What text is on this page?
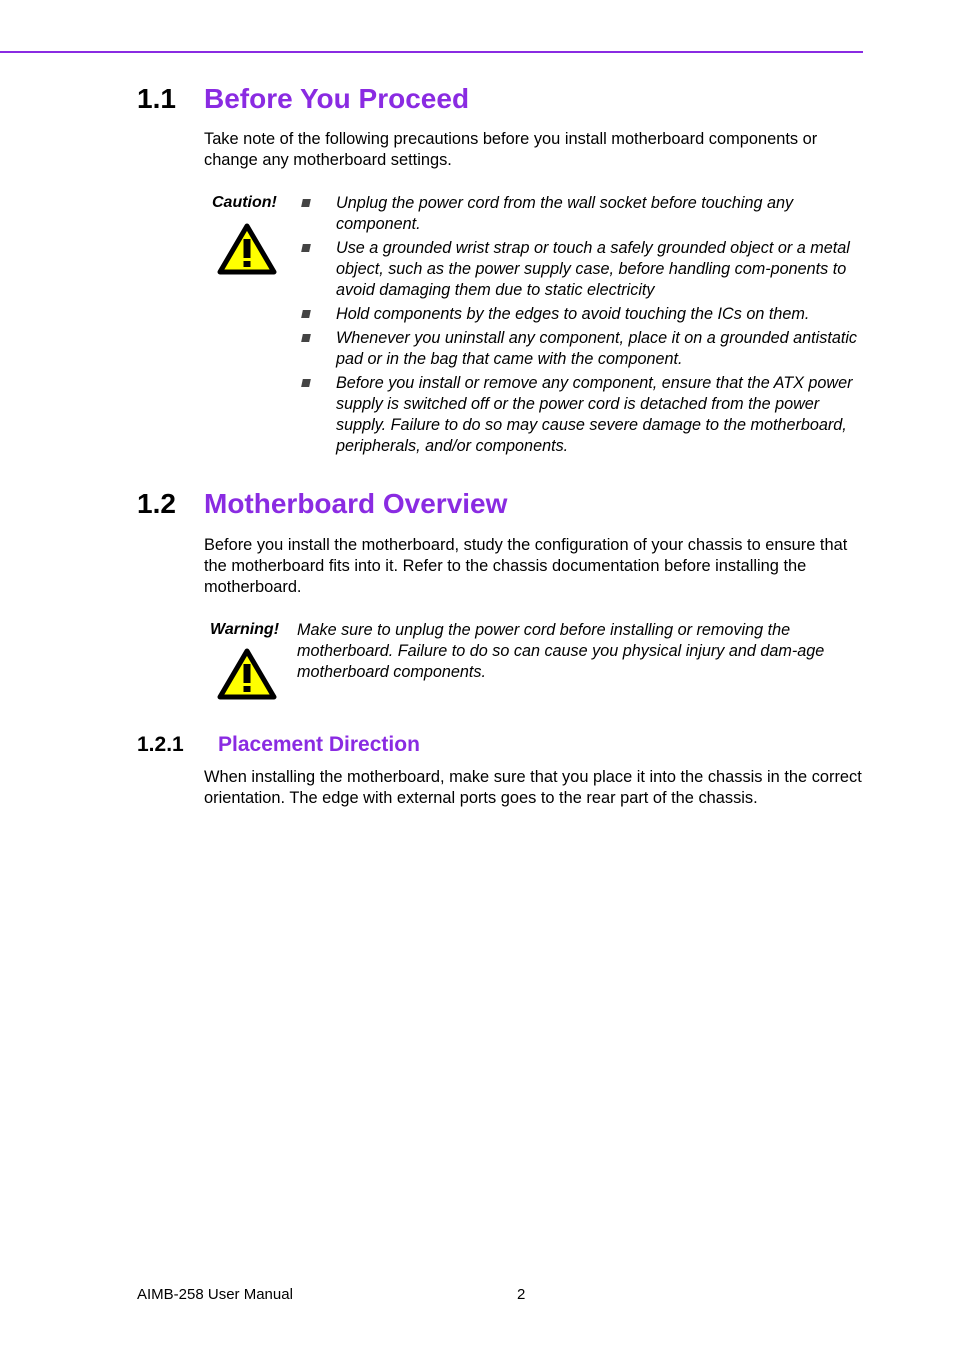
1.1 Before You Proceed
Take note of the following precautions before you install motherboard components or change any motherboard settings.
Caution!	Unplug the power cord from the wall socket before touching any component.
Use a grounded wrist strap or touch a safely grounded object or a metal object, such as the power supply case, before handling com-ponents to avoid damaging them due to static electricity
Hold components by the edges to avoid touching the ICs on them.
Whenever you uninstall any component, place it on a grounded antistatic pad or in the bag that came with the component.
Before you install or remove any component, ensure that the ATX power supply is switched off or the power cord is detached from the power supply. Failure to do so may cause severe damage to the motherboard, peripherals, and/or components.
1.2 Motherboard Overview
Before you install the motherboard, study the configuration of your chassis to ensure that the motherboard fits into it. Refer to the chassis documentation before installing the motherboard.
Warning! Make sure to unplug the power cord before installing or removing the motherboard. Failure to do so can cause you physical injury and dam-age motherboard components.
1.2.1 Placement Direction
When installing the motherboard, make sure that you place it into the chassis in the correct orientation. The edge with external ports goes to the rear part of the chassis.
AIMB-258 User Manual	2
